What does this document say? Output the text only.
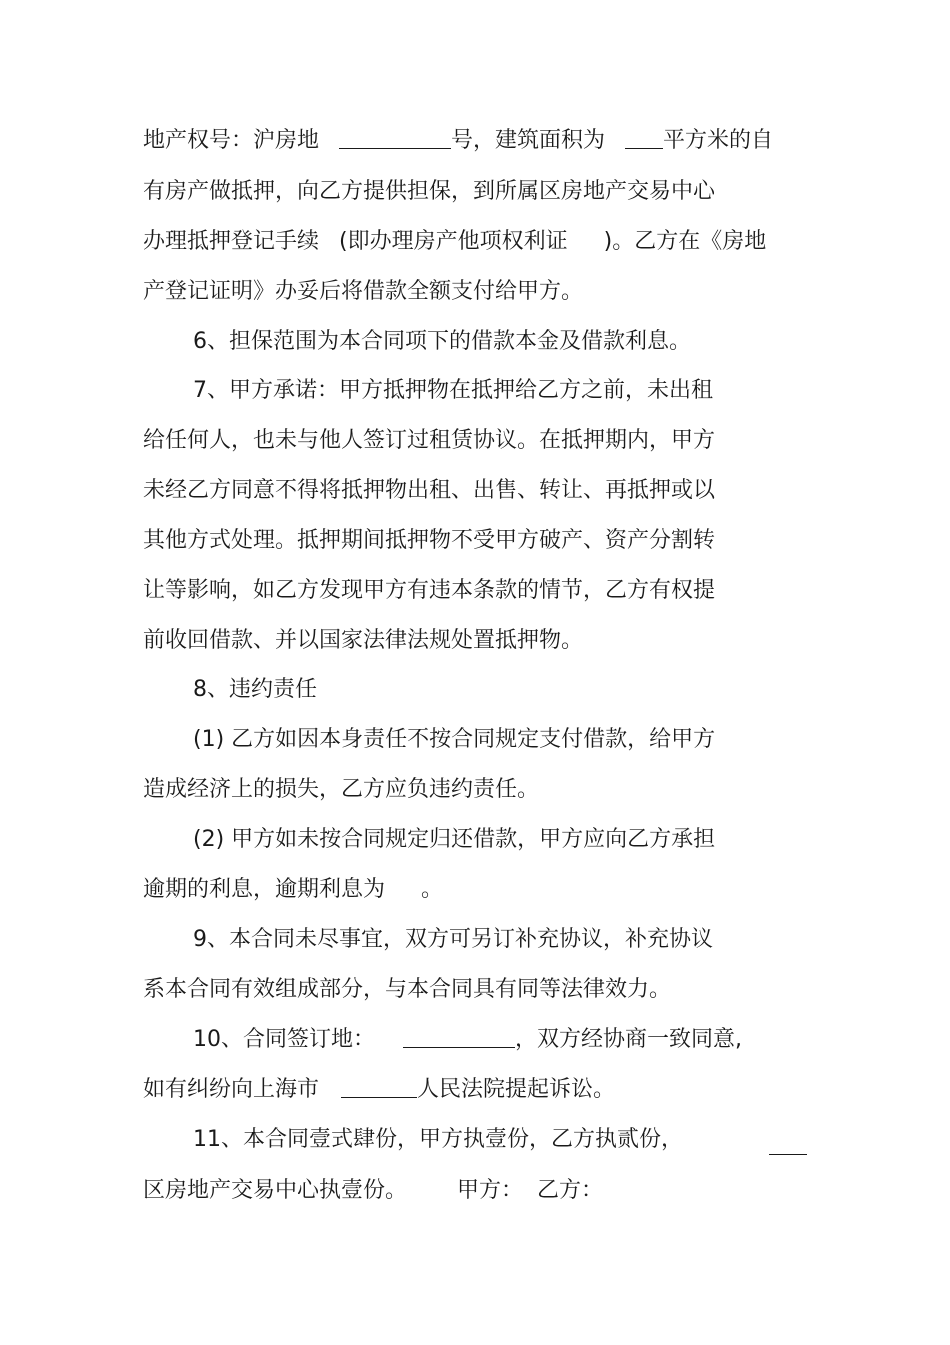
地产权号：沪房地	号，建筑面积为	平方米的自
有房产做抵押，向乙方提供担保，到所属区房地产交易中心
办理抵押登记手续 (即办理房产他项权利证 )。乙方在《房地
产登记证明》办妥后将借款全额支付给甲方。
6、担保范围为本合同项下的借款本金及借款利息。
7、甲方承诺：甲方抵押物在抵押给乙方之前，未出租
给任何人，也未与他人签订过租赁协议。在抵押期内，甲方
未经乙方同意不得将抵押物出租、出售、转让、再抵押或以
其他方式处理。抵押期间抵押物不受甲方破产、资产分割转
让等影响，如乙方发现甲方有违本条款的情节，乙方有权提
前收回借款、并以国家法律法规处置抵押物。
8、违约责任
(1) 乙方如因本身责任不按合同规定支付借款，给甲方
造成经济上的损失，乙方应负违约责任。
(2) 甲方如未按合同规定归还借款，甲方应向乙方承担
逾期的利息，逾期利息为 。
9、本合同未尽事宜，双方可另订补充协议，补充协议
系本合同有效组成部分，与本合同具有同等法律效力。
10、合同签订地：	，双方经协商一致同意,
如有纠纷向上海市	人民法院提起诉讼。
11、本合同壹式肆份，甲方执壹份，乙方执贰份，
区房地产交易中心执壹份。 甲方： 乙方：
